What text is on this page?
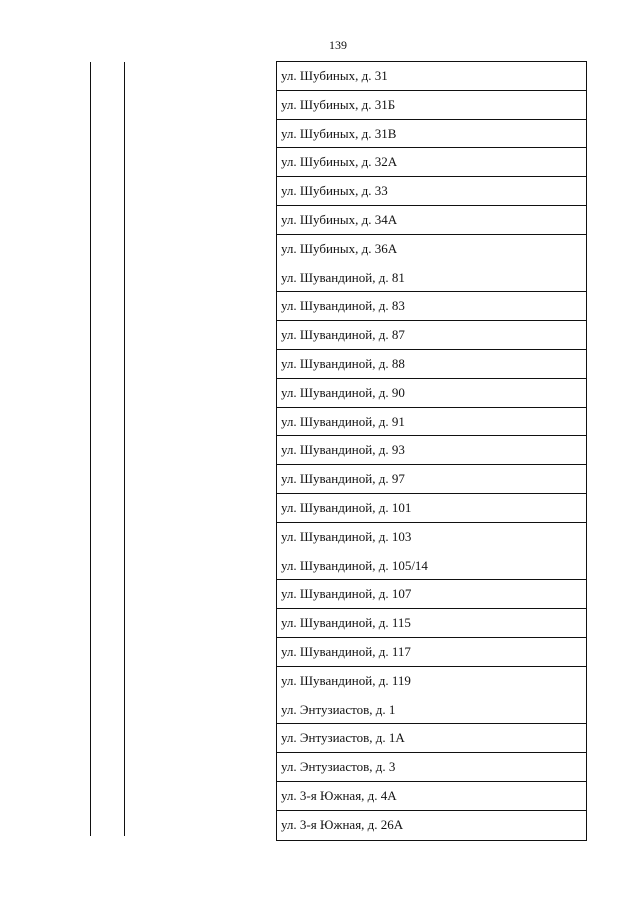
139
ул. Шубиных, д. 31
ул. Шубиных, д. 31Б
ул. Шубиных, д. 31В
ул. Шубиных, д. 32А
ул. Шубиных, д. 33
ул. Шубиных, д. 34А
ул. Шубиных, д. 36А
ул. Шувандиной, д. 81
ул. Шувандиной, д. 83
ул. Шувандиной, д. 87
ул. Шувандиной, д. 88
ул. Шувандиной, д. 90
ул. Шувандиной, д. 91
ул. Шувандиной, д. 93
ул. Шувандиной, д. 97
ул. Шувандиной, д. 101
ул. Шувандиной, д. 103
ул. Шувандиной, д. 105/14
ул. Шувандиной, д. 107
ул. Шувандиной, д. 115
ул. Шувандиной, д. 117
ул. Шувандиной, д. 119
ул. Энтузиастов, д. 1
ул. Энтузиастов, д. 1А
ул. Энтузиастов, д. 3
ул. 3-я Южная, д. 4А
ул. 3-я Южная, д. 26А
